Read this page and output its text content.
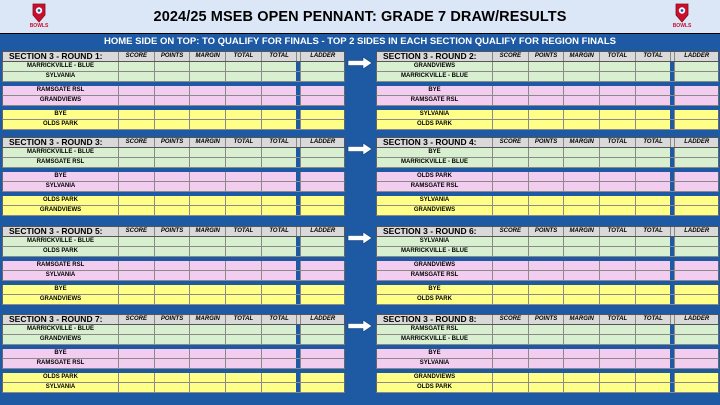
BOWLS
2024/25 MSEB OPEN PENNANT: GRADE 7 DRAW/RESULTS
BOWLS
HOME SIDE ON TOP: TO QUALIFY FOR FINALS - TOP 2 SIDES IN EACH SECTION QUALIFY FOR REGION FINALS
SECTION 3 - ROUND 1:	SCORE	POINTS	MARGIN	TOTAL	TOTAL	LADDER
MARRICKVILLE - BLUE
SYLVANIA
RAMSGATE RSL
GRANDVIEWS
BYE
OLDS PARK
SECTION 3 - ROUND 2:	SCORE	POINTS	MARGIN	TOTAL	TOTAL	LADDER
GRANDVIEWS
MARRICKVILLE - BLUE
BYE
RAMSGATE RSL
SYLVANIA
OLDS PARK
SECTION 3 - ROUND 3:	SCORE	POINTS	MARGIN	TOTAL	TOTAL	LADDER
MARRICKVILLE - BLUE
RAMSGATE RSL
BYE
SYLVANIA
OLDS PARK
GRANDVIEWS
SECTION 3 - ROUND 4:	SCORE	POINTS	MARGIN	TOTAL	TOTAL	LADDER
BYE
MARRICKVILLE - BLUE
OLDS PARK
RAMSGATE RSL
SYLVANIA
GRANDVIEWS
SECTION 3 - ROUND 5:	SCORE	POINTS	MARGIN	TOTAL	TOTAL	LADDER
MARRICKVILLE - BLUE
OLDS PARK
RAMSGATE RSL
SYLVANIA
BYE
GRANDVIEWS
SECTION 3 - ROUND 6:	SCORE	POINTS	MARGIN	TOTAL	TOTAL	LADDER
SYLVANIA
MARRICKVILLE - BLUE
GRANDVIEWS
RAMSGATE RSL
BYE
OLDS PARK
SECTION 3 - ROUND 7:	SCORE	POINTS	MARGIN	TOTAL	TOTAL	LADDER
MARRICKVILLE - BLUE
GRANDVIEWS
BYE
RAMSGATE RSL
OLDS PARK
SYLVANIA
SECTION 3 - ROUND 8:	SCORE	POINTS	MARGIN	TOTAL	TOTAL	LADDER
RAMSGATE RSL
MARRICKVILLE - BLUE
BYE
SYLVANIA
GRANDVIEWS
OLDS PARK
